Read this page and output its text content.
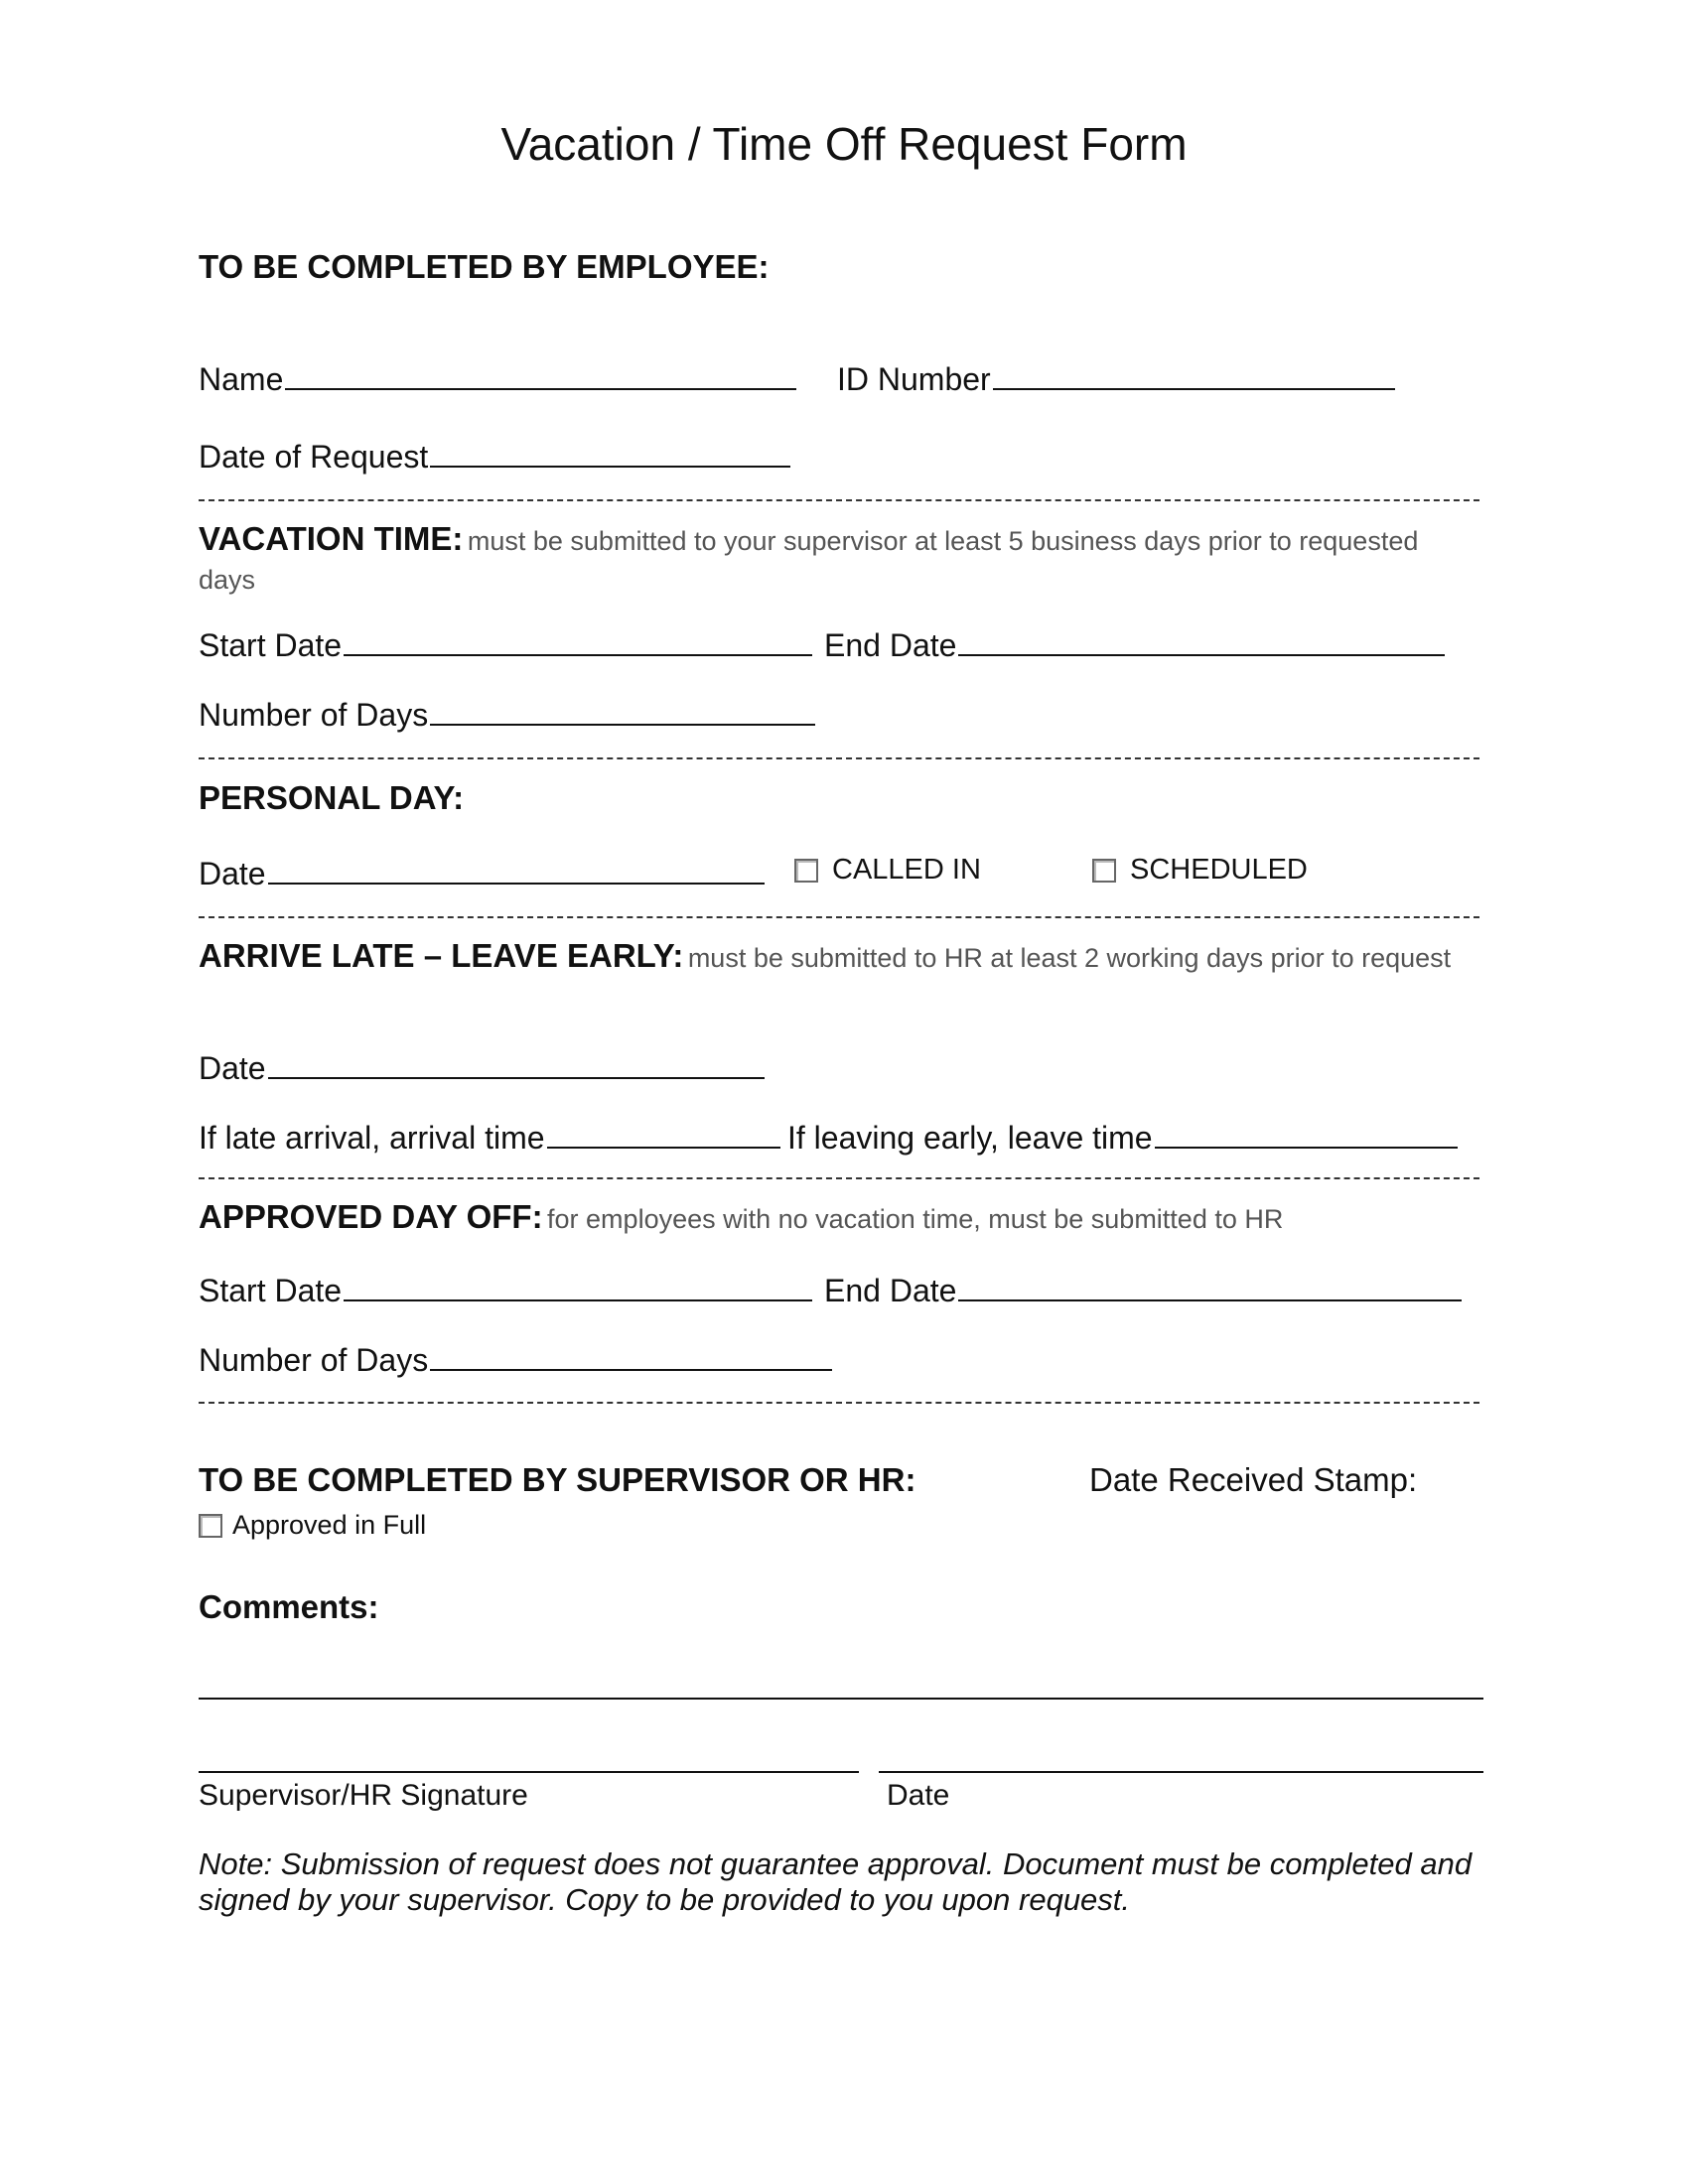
Vacation / Time Off Request Form
TO BE COMPLETED BY EMPLOYEE:
Name	ID Number
Date of Request
VACATION TIME: must be submitted to your supervisor at least 5 business days prior to requested days
Start Date	End Date
Number of Days
PERSONAL DAY:
Date	CALLED IN	SCHEDULED
ARRIVE LATE – LEAVE EARLY: must be submitted to HR at least 2 working days prior to request
Date
If late arrival, arrival time	If leaving early, leave time
APPROVED DAY OFF: for employees with no vacation time, must be submitted to HR
Start Date	End Date
Number of Days
TO BE COMPLETED BY SUPERVISOR OR HR:	Date Received Stamp:
Approved in Full
Comments:
Supervisor/HR Signature	Date
Note: Submission of request does not guarantee approval. Document must be completed and signed by your supervisor. Copy to be provided to you upon request.
